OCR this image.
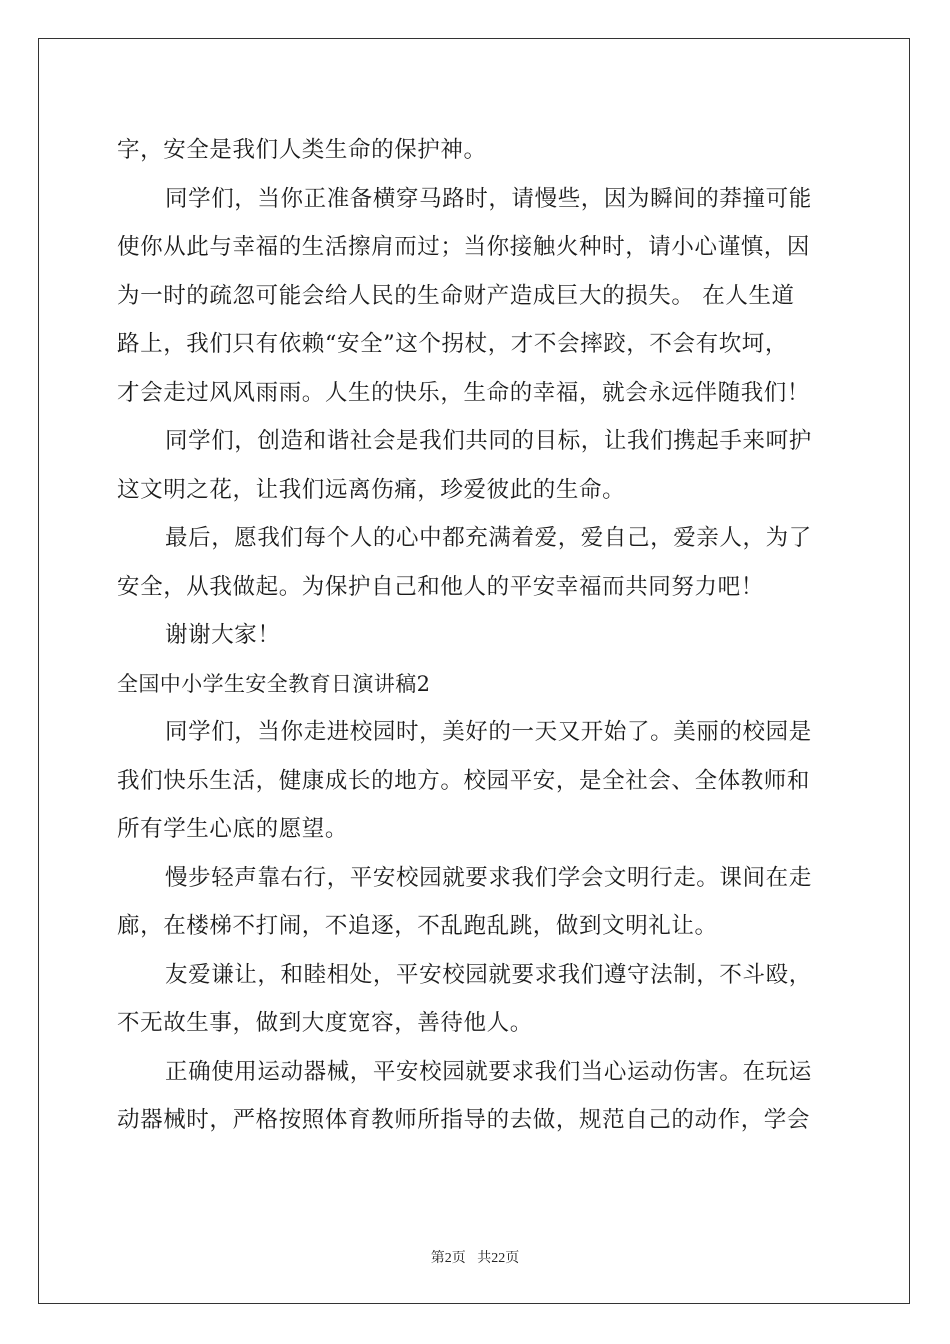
字，安全是我们人类生命的保护神。
同学们，当你正准备横穿马路时，请慢些，因为瞬间的莽撞可能
使你从此与幸福的生活擦肩而过；当你接触火种时，请小心谨慎，因
为一时的疏忽可能会给人民的生命财产造成巨大的损失。 在人生道
路上，我们只有依赖“安全”这个拐杖，才不会摔跤，不会有坎坷，
才会走过风风雨雨。人生的快乐，生命的幸福，就会永远伴随我们！
同学们，创造和谐社会是我们共同的目标，让我们携起手来呵护
这文明之花，让我们远离伤痛，珍爱彼此的生命。
最后，愿我们每个人的心中都充满着爱，爱自己，爱亲人，为了
安全，从我做起。为保护自己和他人的平安幸福而共同努力吧！
谢谢大家！
全国中小学生安全教育日演讲稿2
同学们，当你走进校园时，美好的一天又开始了。美丽的校园是
我们快乐生活，健康成长的地方。校园平安，是全社会、全体教师和
所有学生心底的愿望。
慢步轻声靠右行，平安校园就要求我们学会文明行走。课间在走
廊，在楼梯不打闹，不追逐，不乱跑乱跳，做到文明礼让。
友爱谦让，和睦相处，平安校园就要求我们遵守法制，不斗殴，
不无故生事，做到大度宽容，善待他人。
正确使用运动器械，平安校园就要求我们当心运动伤害。在玩运
动器械时，严格按照体育教师所指导的去做，规范自己的动作，学会
第2页 共22页
